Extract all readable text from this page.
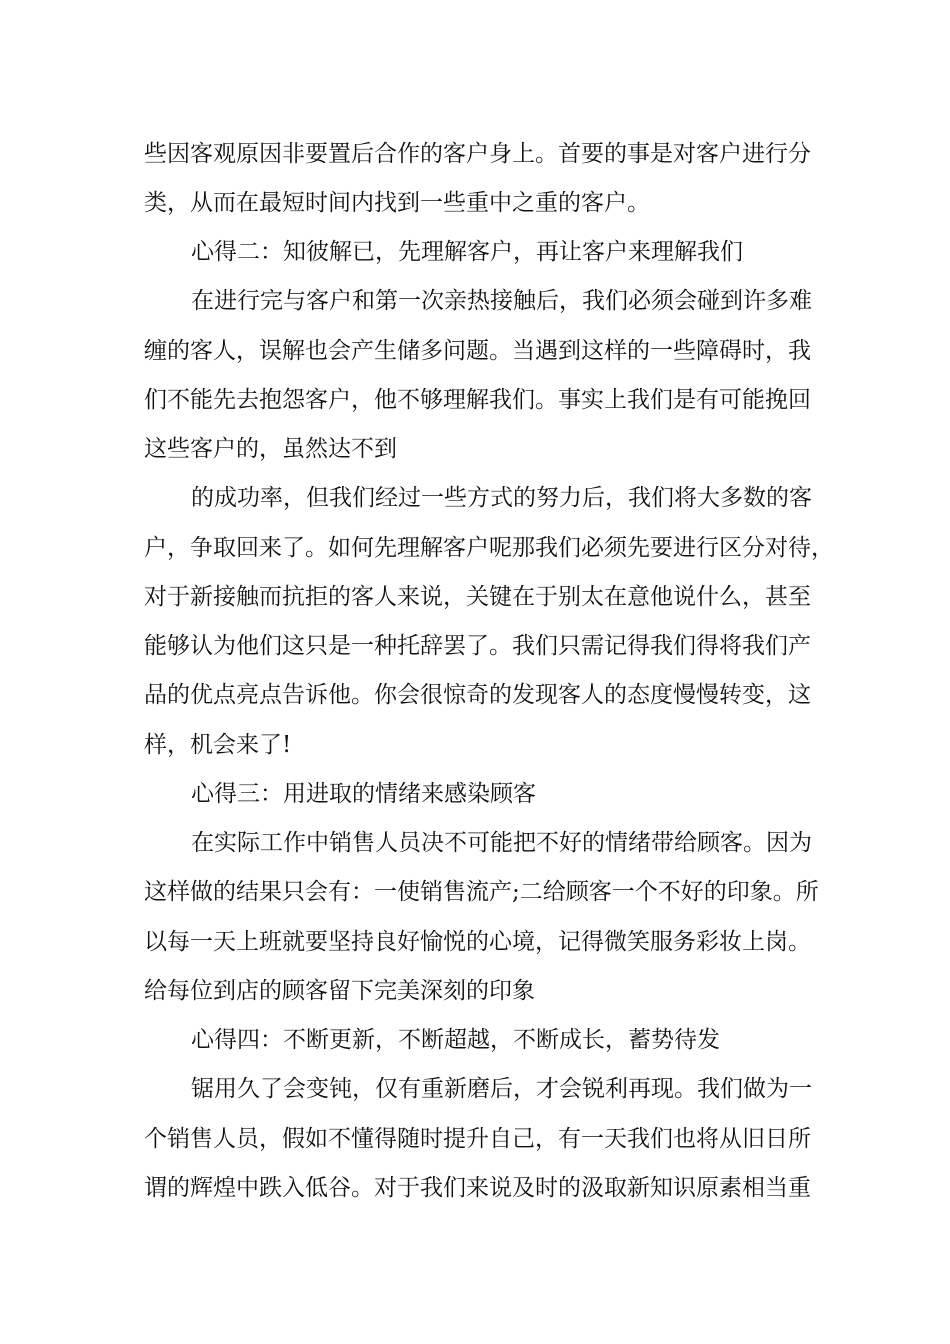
些因客观原因非要置后合作的客户身上。首要的事是对客户进行分
类，从而在最短时间内找到一些重中之重的客户。
心得二：知彼解已，先理解客户，再让客户来理解我们
在进行完与客户和第一次亲热接触后，我们必须会碰到许多难
缠的客人，误解也会产生储多问题。当遇到这样的一些障碍时，我
们不能先去抱怨客户，他不够理解我们。事实上我们是有可能挽回
这些客户的，虽然达不到
的成功率，但我们经过一些方式的努力后，我们将大多数的客
户，争取回来了。如何先理解客户呢那我们必须先要进行区分对待，
对于新接触而抗拒的客人来说，关键在于别太在意他说什么，甚至
能够认为他们这只是一种托辞罢了。我们只需记得我们得将我们产
品的优点亮点告诉他。你会很惊奇的发现客人的态度慢慢转变，这
样，机会来了!
心得三：用进取的情绪来感染顾客
在实际工作中销售人员决不可能把不好的情绪带给顾客。因为
这样做的结果只会有：一使销售流产;二给顾客一个不好的印象。所
以每一天上班就要坚持良好愉悦的心境，记得微笑服务彩妆上岗。
给每位到店的顾客留下完美深刻的印象
心得四：不断更新，不断超越，不断成长，蓄势待发
锯用久了会变钝，仅有重新磨后，才会锐利再现。我们做为一
个销售人员，假如不懂得随时提升自己，有一天我们也将从旧日所
谓的辉煌中跌入低谷。对于我们来说及时的汲取新知识原素相当重
